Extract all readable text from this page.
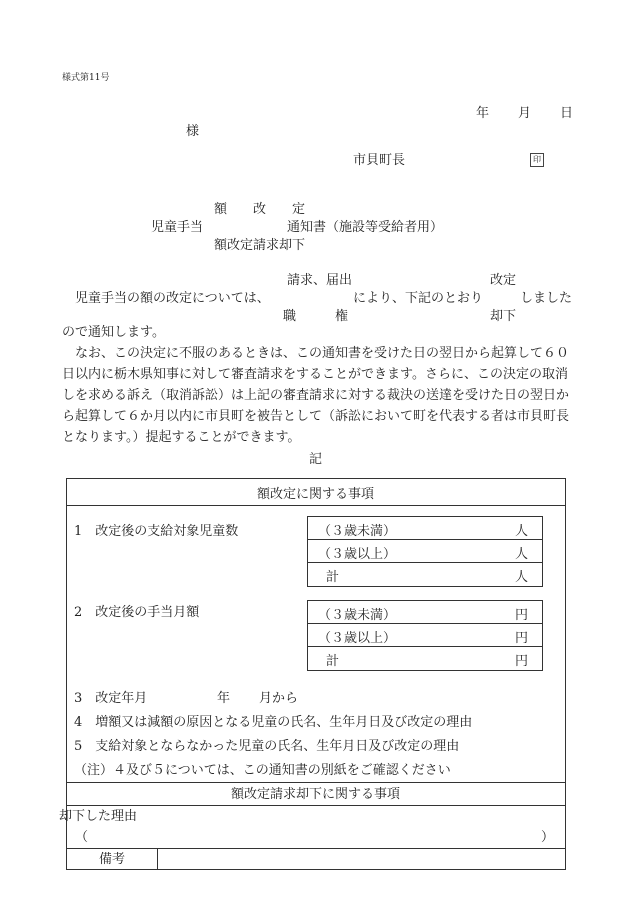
様式第11号
年 月 日
様
市貝町長	印
額　　改　　定
児童手当	通知書（施設等受給者用）
額改定請求却下
請求、届出	改定
児童手当の額の改定については、	により、下記のとおり	しました
職　　　権	却下
ので通知します。
なお、この決定に不服のあるときは、この通知書を受けた日の翌日から起算して６０日以内に栃木県知事に対して審査請求をすることができます。さらに、この決定の取消しを求める訴え（取消訴訟）は上記の審査請求に対する裁決の送達を受けた日の翌日から起算して６か月以内に市貝町を被告として（訴訟において町を代表する者は市貝町長となります。）提起することができます。
記
額改定に関する事項
1　改定後の支給対象児童数	（３歳未満）	人
（３歳以上）	人
計	人
2　改定後の手当月額	（３歳未満）	円
（３歳以上）	円
計	円
3　改定年月	年 月から
4　増額又は減額の原因となる児童の氏名、生年月日及び改定の理由
5　支給対象とならなかった児童の氏名、生年月日及び改定の理由
（注）４及び５については、この通知書の別紙をご確認ください
額改定請求却下に関する事項
却下した理由
（	）
備考
